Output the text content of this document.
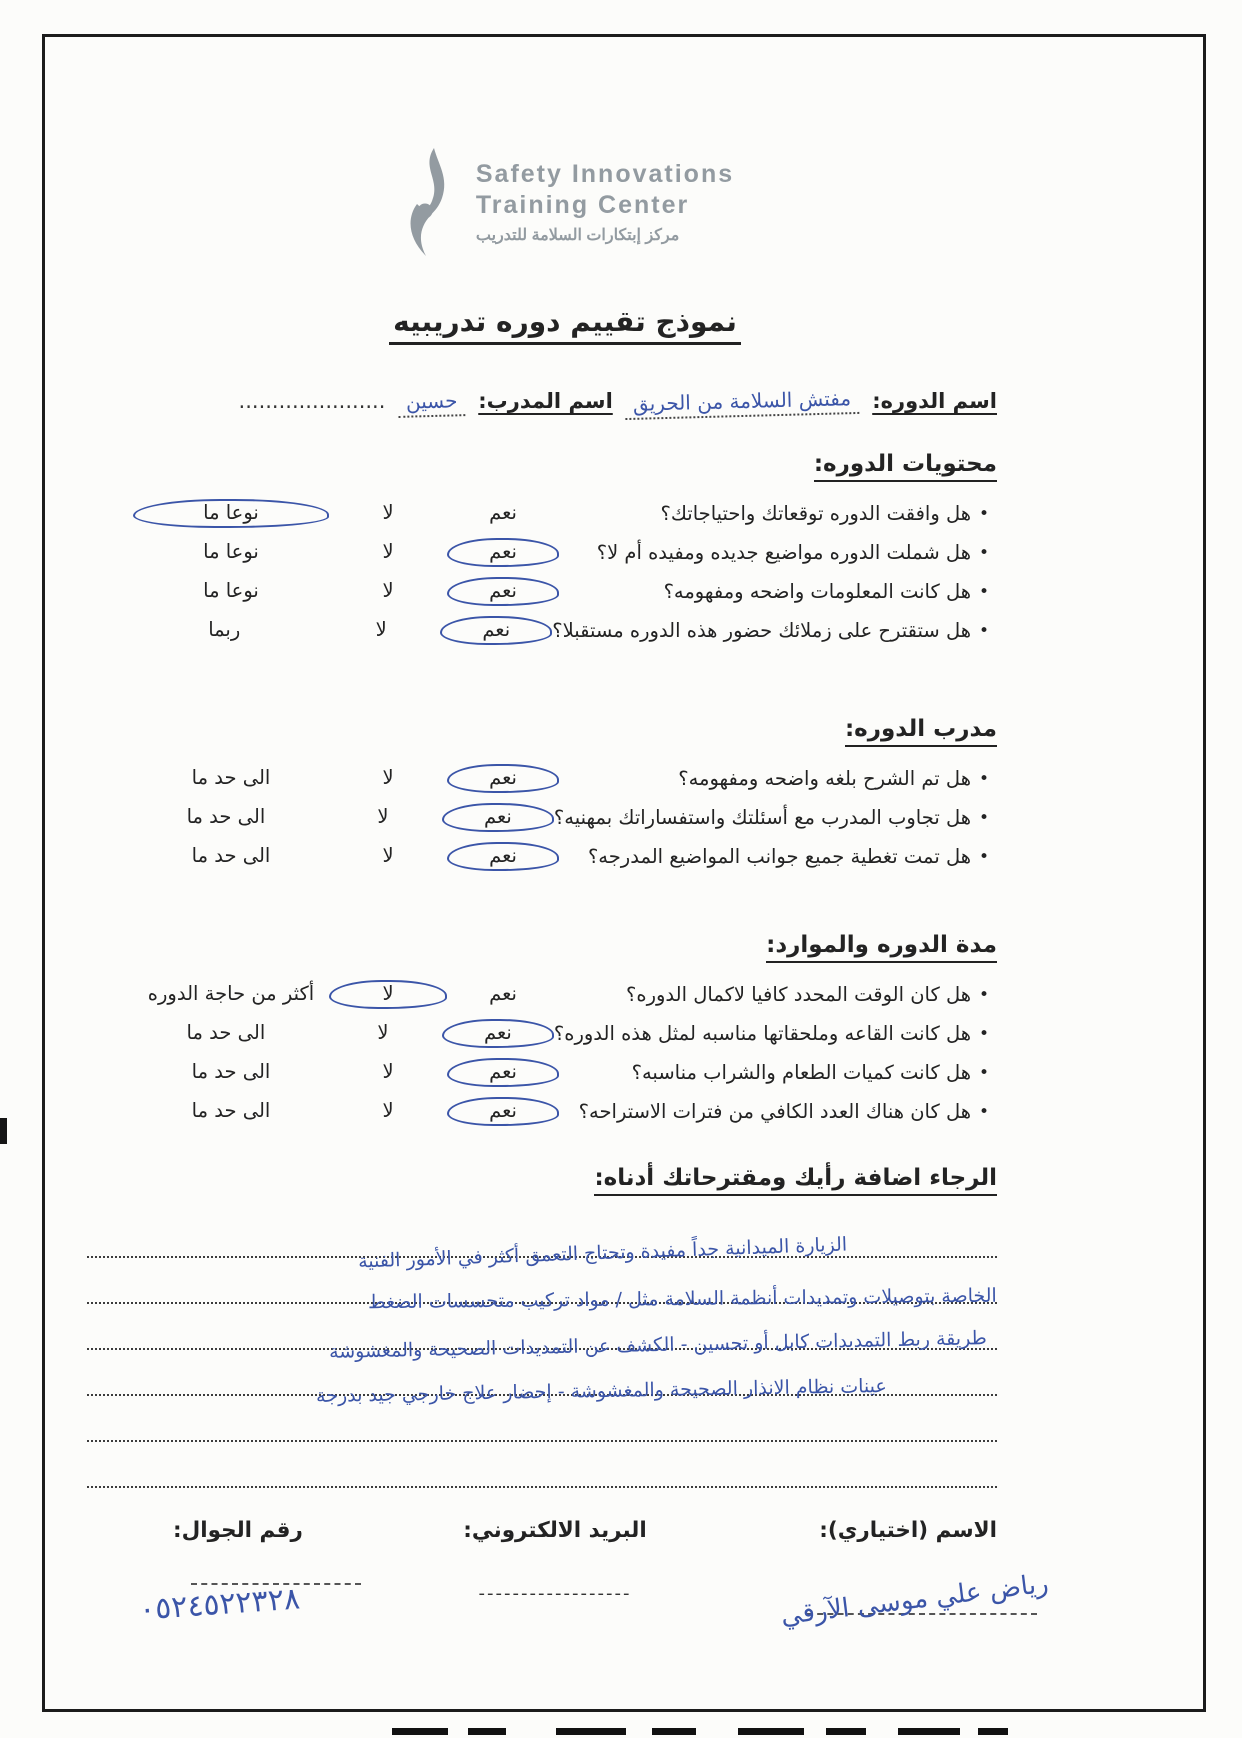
Safety Innovations
Training Center
مركز إبتكارات السلامة للتدريب
نموذج تقييم دوره تدريبيه
اسم الدوره: مفتش السلامة من الحريق اسم المدرب: حسين ......................
محتويات الدوره:
•
هل وافقت الدوره توقعاتك واحتياجاتك؟
نعم
لا
نوعا ما
•
هل شملت الدوره مواضيع جديده ومفيده أم لا؟
نعم
لا
نوعا ما
•
هل كانت المعلومات واضحه ومفهومه؟
نعم
لا
نوعا ما
•
هل ستقترح على زملائك حضور هذه الدوره مستقبلا؟
نعم
لا
ربما
مدرب الدوره:
•
هل تم الشرح بلغه واضحه ومفهومه؟
نعم
لا
الى حد ما
•
هل تجاوب المدرب مع أسئلتك واستفساراتك بمهنيه؟
نعم
لا
الى حد ما
•
هل تمت تغطية جميع جوانب المواضيع المدرجه؟
نعم
لا
الى حد ما
مدة الدوره والموارد:
•
هل كان الوقت المحدد كافيا لاكمال الدوره؟
نعم
لا
أكثر من حاجة الدوره
•
هل كانت القاعه وملحقاتها مناسبه لمثل هذه الدوره؟
نعم
لا
الى حد ما
•
هل كانت كميات الطعام والشراب مناسبه؟
نعم
لا
الى حد ما
•
هل كان هناك العدد الكافي من فترات الاستراحه؟
نعم
لا
الى حد ما
الرجاء اضافة رأيك ومقترحاتك أدناه:
الزيارة الميدانية جداً مفيدة وتحتاج التعمق أكثر في الأمور الفنية
الخاصة بتوصيلات وتمديدات أنظمة السلامة مثل / مواد تركيب متحسسات الضغط
طريقة ربط التمديدات كابل أو تحسين - الكشف عن التمديدات الصحيحة والمغشوشة
عينات نظام الانذار الصحيحة والمغشوشة - إحضار علاج خارجي جيد بدرجة
الاسم (اختياري):
البريد الالكتروني:
رقم الجوال:
رياض علي موسى الآرقي
------------------
٠٥٢٤٥٢٢٣٢٨
